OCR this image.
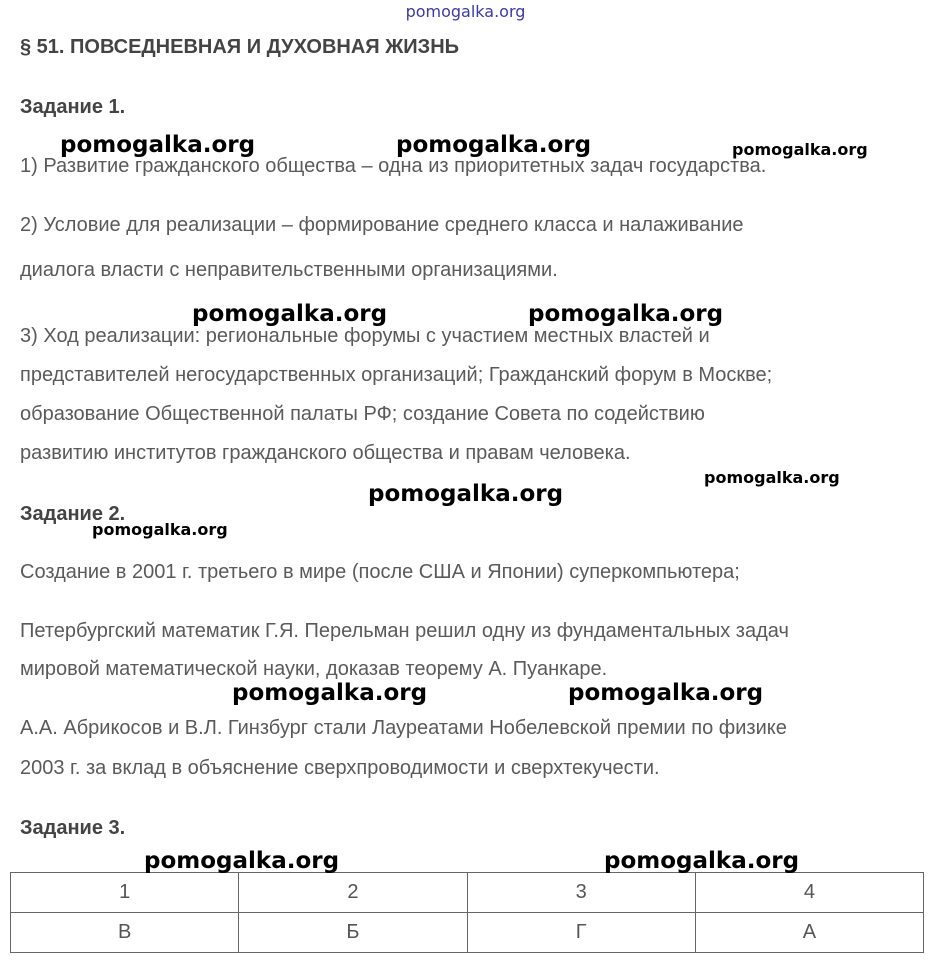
pomogalka.org
§ 51. ПОВСЕДНЕВНАЯ И ДУХОВНАЯ ЖИЗНЬ
Задание 1.
1) Развитие гражданского общества – одна из приоритетных задач государства.
2) Условие для реализации – формирование среднего класса и налаживание
диалога власти с неправительственными организациями.
3) Ход реализации: региональные форумы с участием местных властей и
представителей негосударственных организаций; Гражданский форум в Москве;
образование Общественной палаты РФ; создание Совета по содействию
развитию институтов гражданского общества и правам человека.
Задание 2.
Создание в 2001 г. третьего в мире (после США и Японии) суперкомпьютера;
Петербургский математик Г.Я. Перельман решил одну из фундаментальных задач
мировой математической науки, доказав теорему А. Пуанкаре.
А.А. Абрикосов и В.Л. Гинзбург стали Лауреатами Нобелевской премии по физике
2003 г. за вклад в объяснение сверхпроводимости и сверхтекучести.
Задание 3.
1	2	3	4
В	Б	Г	А
pomogalka.org	pomogalka.org	pomogalka.org
pomogalka.org	pomogalka.org
pomogalka.org
pomogalka.org
pomogalka.org
pomogalka.org	pomogalka.org
pomogalka.org	pomogalka.org
